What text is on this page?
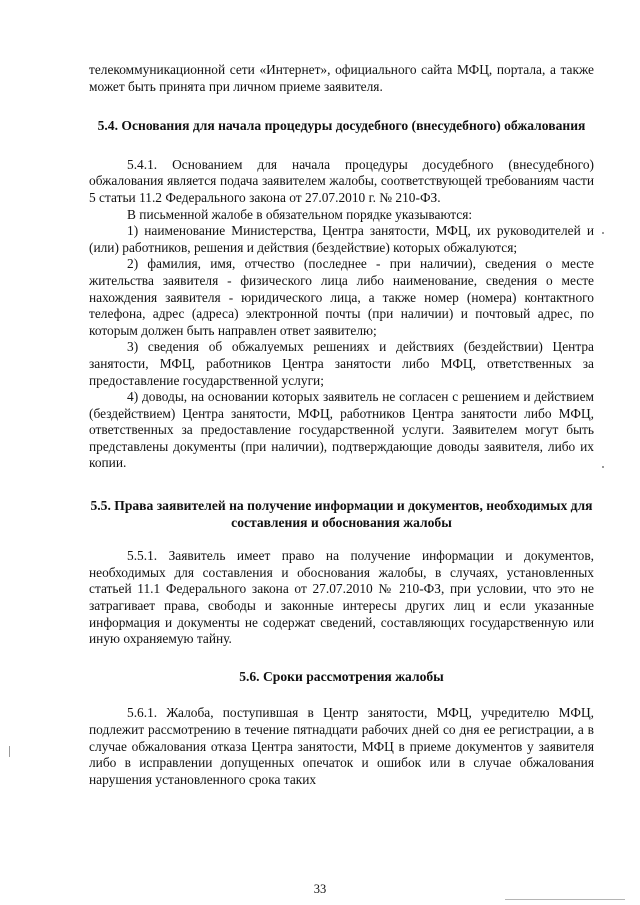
телекоммуникационной сети «Интернет», официального сайта МФЦ, портала, а также может быть принята при личном приеме заявителя.

5.4. Основания для начала процедуры досудебного (внесудебного) обжалования

5.4.1. Основанием для начала процедуры досудебного (внесудебного) обжалования является подача заявителем жалобы, соответствующей требованиям части 5 статьи 11.2 Федерального закона от 27.07.2010 г. № 210-ФЗ.

В письменной жалобе в обязательном порядке указываются:

1) наименование Министерства, Центра занятости, МФЦ, их руководителей и (или) работников, решения и действия (бездействие) которых обжалуются;

2) фамилия, имя, отчество (последнее - при наличии), сведения о месте жительства заявителя - физического лица либо наименование, сведения о месте нахождения заявителя - юридического лица, а также номер (номера) контактного телефона, адрес (адреса) электронной почты (при наличии) и почтовый адрес, по которым должен быть направлен ответ заявителю;

3) сведения об обжалуемых решениях и действиях (бездействии) Центра занятости, МФЦ, работников Центра занятости либо МФЦ, ответственных за предоставление государственной услуги;

4) доводы, на основании которых заявитель не согласен с решением и действием (бездействием) Центра занятости, МФЦ, работников Центра занятости либо МФЦ, ответственных за предоставление государственной услуги. Заявителем могут быть представлены документы (при наличии), подтверждающие доводы заявителя, либо их копии.

5.5. Права заявителей на получение информации и документов, необходимых для составления и обоснования жалобы

5.5.1. Заявитель имеет право на получение информации и документов, необходимых для составления и обоснования жалобы, в случаях, установленных статьей 11.1 Федерального закона от 27.07.2010 № 210-ФЗ, при условии, что это не затрагивает права, свободы и законные интересы других лиц и если указанные информация и документы не содержат сведений, составляющих государственную или иную охраняемую тайну.

5.6. Сроки рассмотрения жалобы

5.6.1. Жалоба, поступившая в Центр занятости, МФЦ, учредителю МФЦ, подлежит рассмотрению в течение пятнадцати рабочих дней со дня ее регистрации, а в случае обжалования отказа Центра занятости, МФЦ в приеме документов у заявителя либо в исправлении допущенных опечаток и ошибок или в случае обжалования нарушения установленного срока таких

33
